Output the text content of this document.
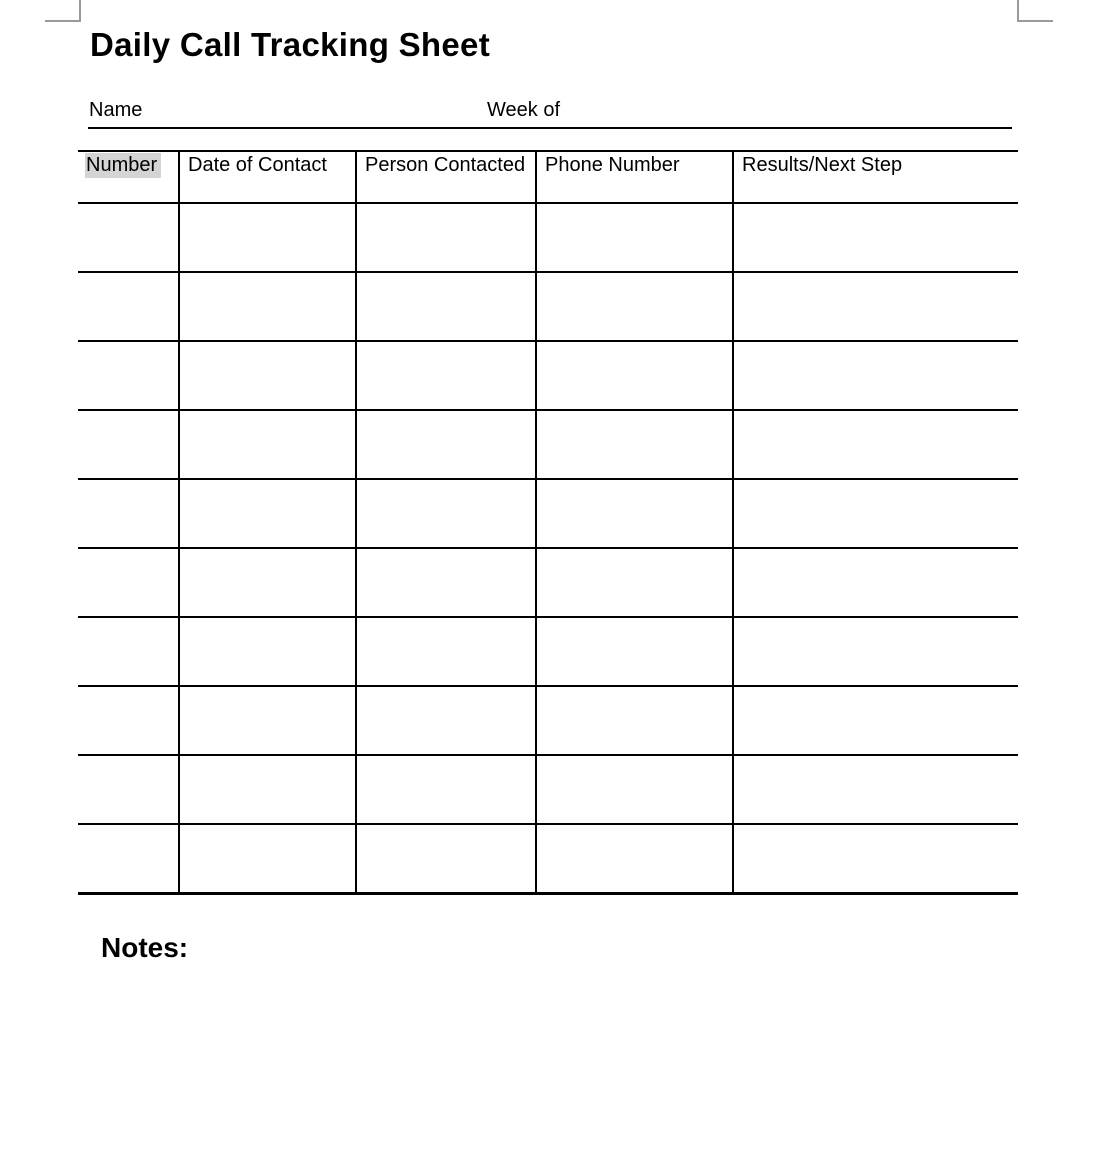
Daily Call Tracking Sheet
Name	Week of
Number	Date of Contact	Person Contacted	Phone Number	Results/Next Step

Notes:
